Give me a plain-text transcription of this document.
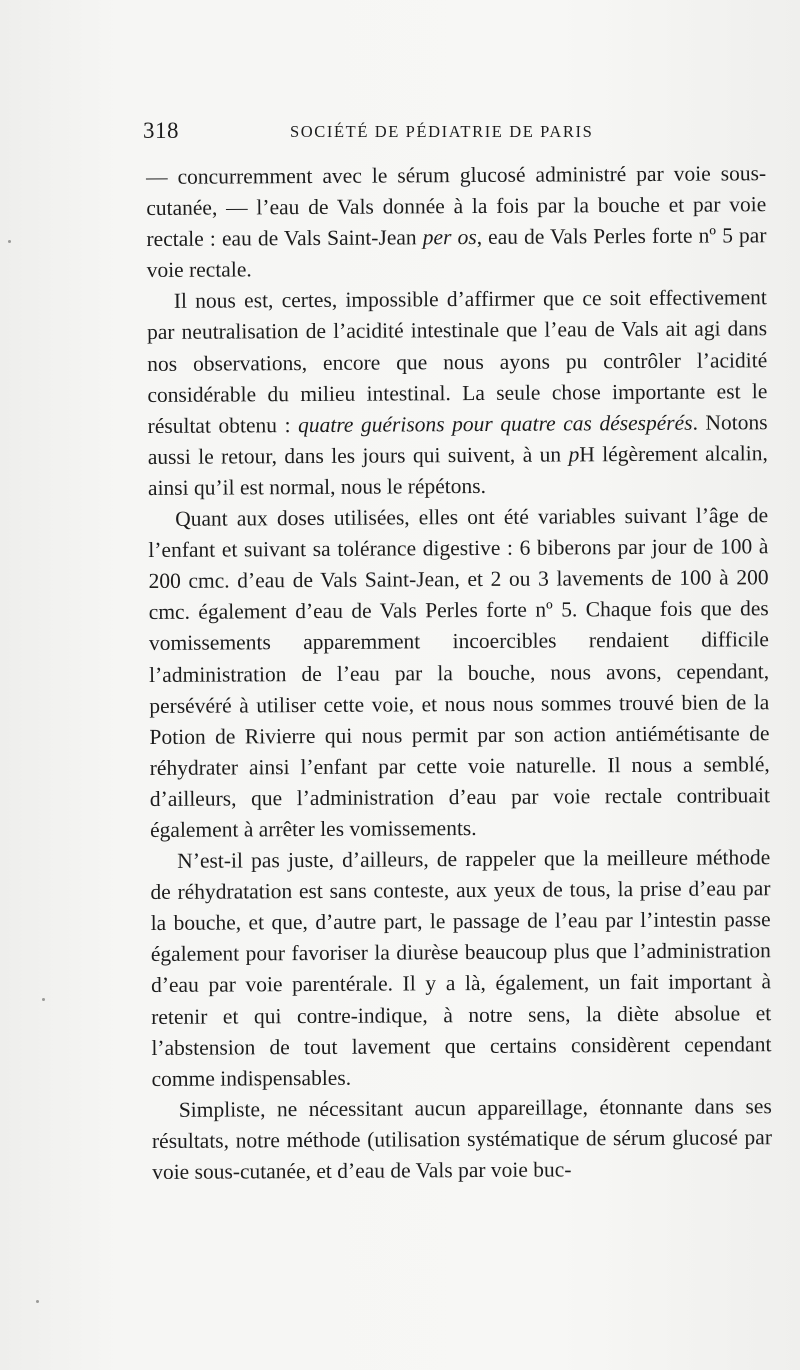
318	SOCIÉTÉ DE PÉDIATRIE DE PARIS

— concurremment avec le sérum glucosé administré par voie sous-cutanée, — l’eau de Vals donnée à la fois par la bouche et par voie rectale : eau de Vals Saint-Jean per os, eau de Vals Perles forte nº 5 par voie rectale.

Il nous est, certes, impossible d’affirmer que ce soit effectivement par neutralisation de l’acidité intestinale que l’eau de Vals ait agi dans nos observations, encore que nous ayons pu contrôler l’acidité considérable du milieu intestinal. La seule chose importante est le résultat obtenu : quatre guérisons pour quatre cas désespérés. Notons aussi le retour, dans les jours qui suivent, à un pH légèrement alcalin, ainsi qu’il est normal, nous le répétons.

Quant aux doses utilisées, elles ont été variables suivant l’âge de l’enfant et suivant sa tolérance digestive : 6 biberons par jour de 100 à 200 cmc. d’eau de Vals Saint-Jean, et 2 ou 3 lavements de 100 à 200 cmc. également d’eau de Vals Perles forte nº 5. Chaque fois que des vomissements apparemment incoercibles rendaient difficile l’administration de l’eau par la bouche, nous avons, cependant, persévéré à utiliser cette voie, et nous nous sommes trouvé bien de la Potion de Rivierre qui nous permit par son action antiémétisante de réhydrater ainsi l’enfant par cette voie naturelle. Il nous a semblé, d’ailleurs, que l’administration d’eau par voie rectale contribuait également à arrêter les vomissements.

N’est-il pas juste, d’ailleurs, de rappeler que la meilleure méthode de réhydratation est sans conteste, aux yeux de tous, la prise d’eau par la bouche, et que, d’autre part, le passage de l’eau par l’intestin passe également pour favoriser la diurèse beaucoup plus que l’administration d’eau par voie parentérale. Il y a là, également, un fait important à retenir et qui contre-indique, à notre sens, la diète absolue et l’abstension de tout lavement que certains considèrent cependant comme indispensables.

Simpliste, ne nécessitant aucun appareillage, étonnante dans ses résultats, notre méthode (utilisation systématique de sérum glucosé par voie sous-cutanée, et d’eau de Vals par voie buc-
